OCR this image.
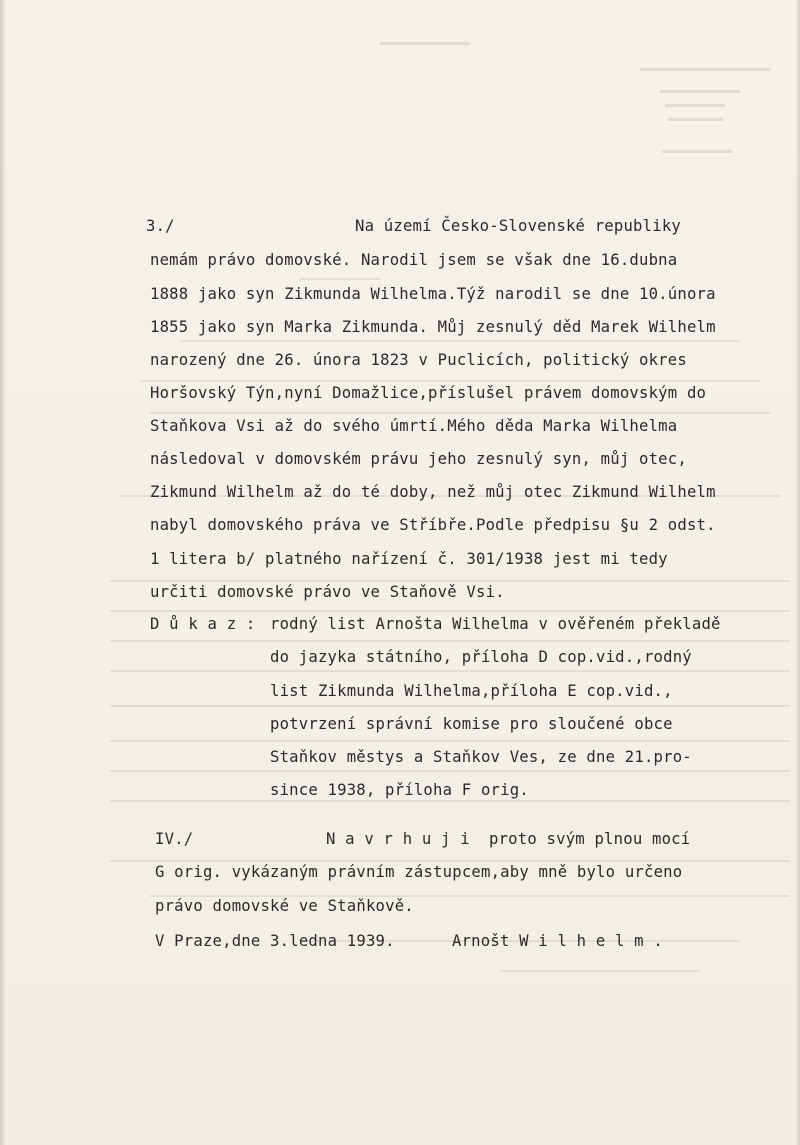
3./	Na území Česko-Slovenské republiky
nemám právo domovské. Narodil jsem se však dne 16.dubna
1888 jako syn Zikmunda Wilhelma.Týž narodil se dne 10.února
1855 jako syn Marka Zikmunda. Můj zesnulý děd Marek Wilhelm
narozený dne 26. února 1823 v Puclicích, politický okres
Horšovský Týn,nyní Domažlice,příslušel právem domovským do
Staňkova Vsi až do svého úmrtí.Mého děda Marka Wilhelma
následoval v domovském právu jeho zesnulý syn, můj otec,
Zikmund Wilhelm až do té doby, než můj otec Zikmund Wilhelm
nabyl domovského práva ve Stříbře.Podle předpisu §u 2 odst.
1 litera b/ platného nařízení č. 301/1938 jest mi tedy
určiti domovské právo ve Staňově Vsi.
D ů k a z : rodný list Arnošta Wilhelma v ověřeném překladě
do jazyka státního, příloha D cop.vid.,rodný
list Zikmunda Wilhelma,příloha E cop.vid.,
potvrzení správní komise pro sloučené obce
Staňkov městys a Staňkov Ves, ze dne 21.pro-
since 1938, příloha F orig.
IV./	N a v r h u j i  proto svým plnou mocí
G orig. vykázaným právním zástupcem,aby mně bylo určeno
právo domovské ve Staňkově.
V Praze,dne 3.ledna 1939.	Arnošt W i l h e l m .
